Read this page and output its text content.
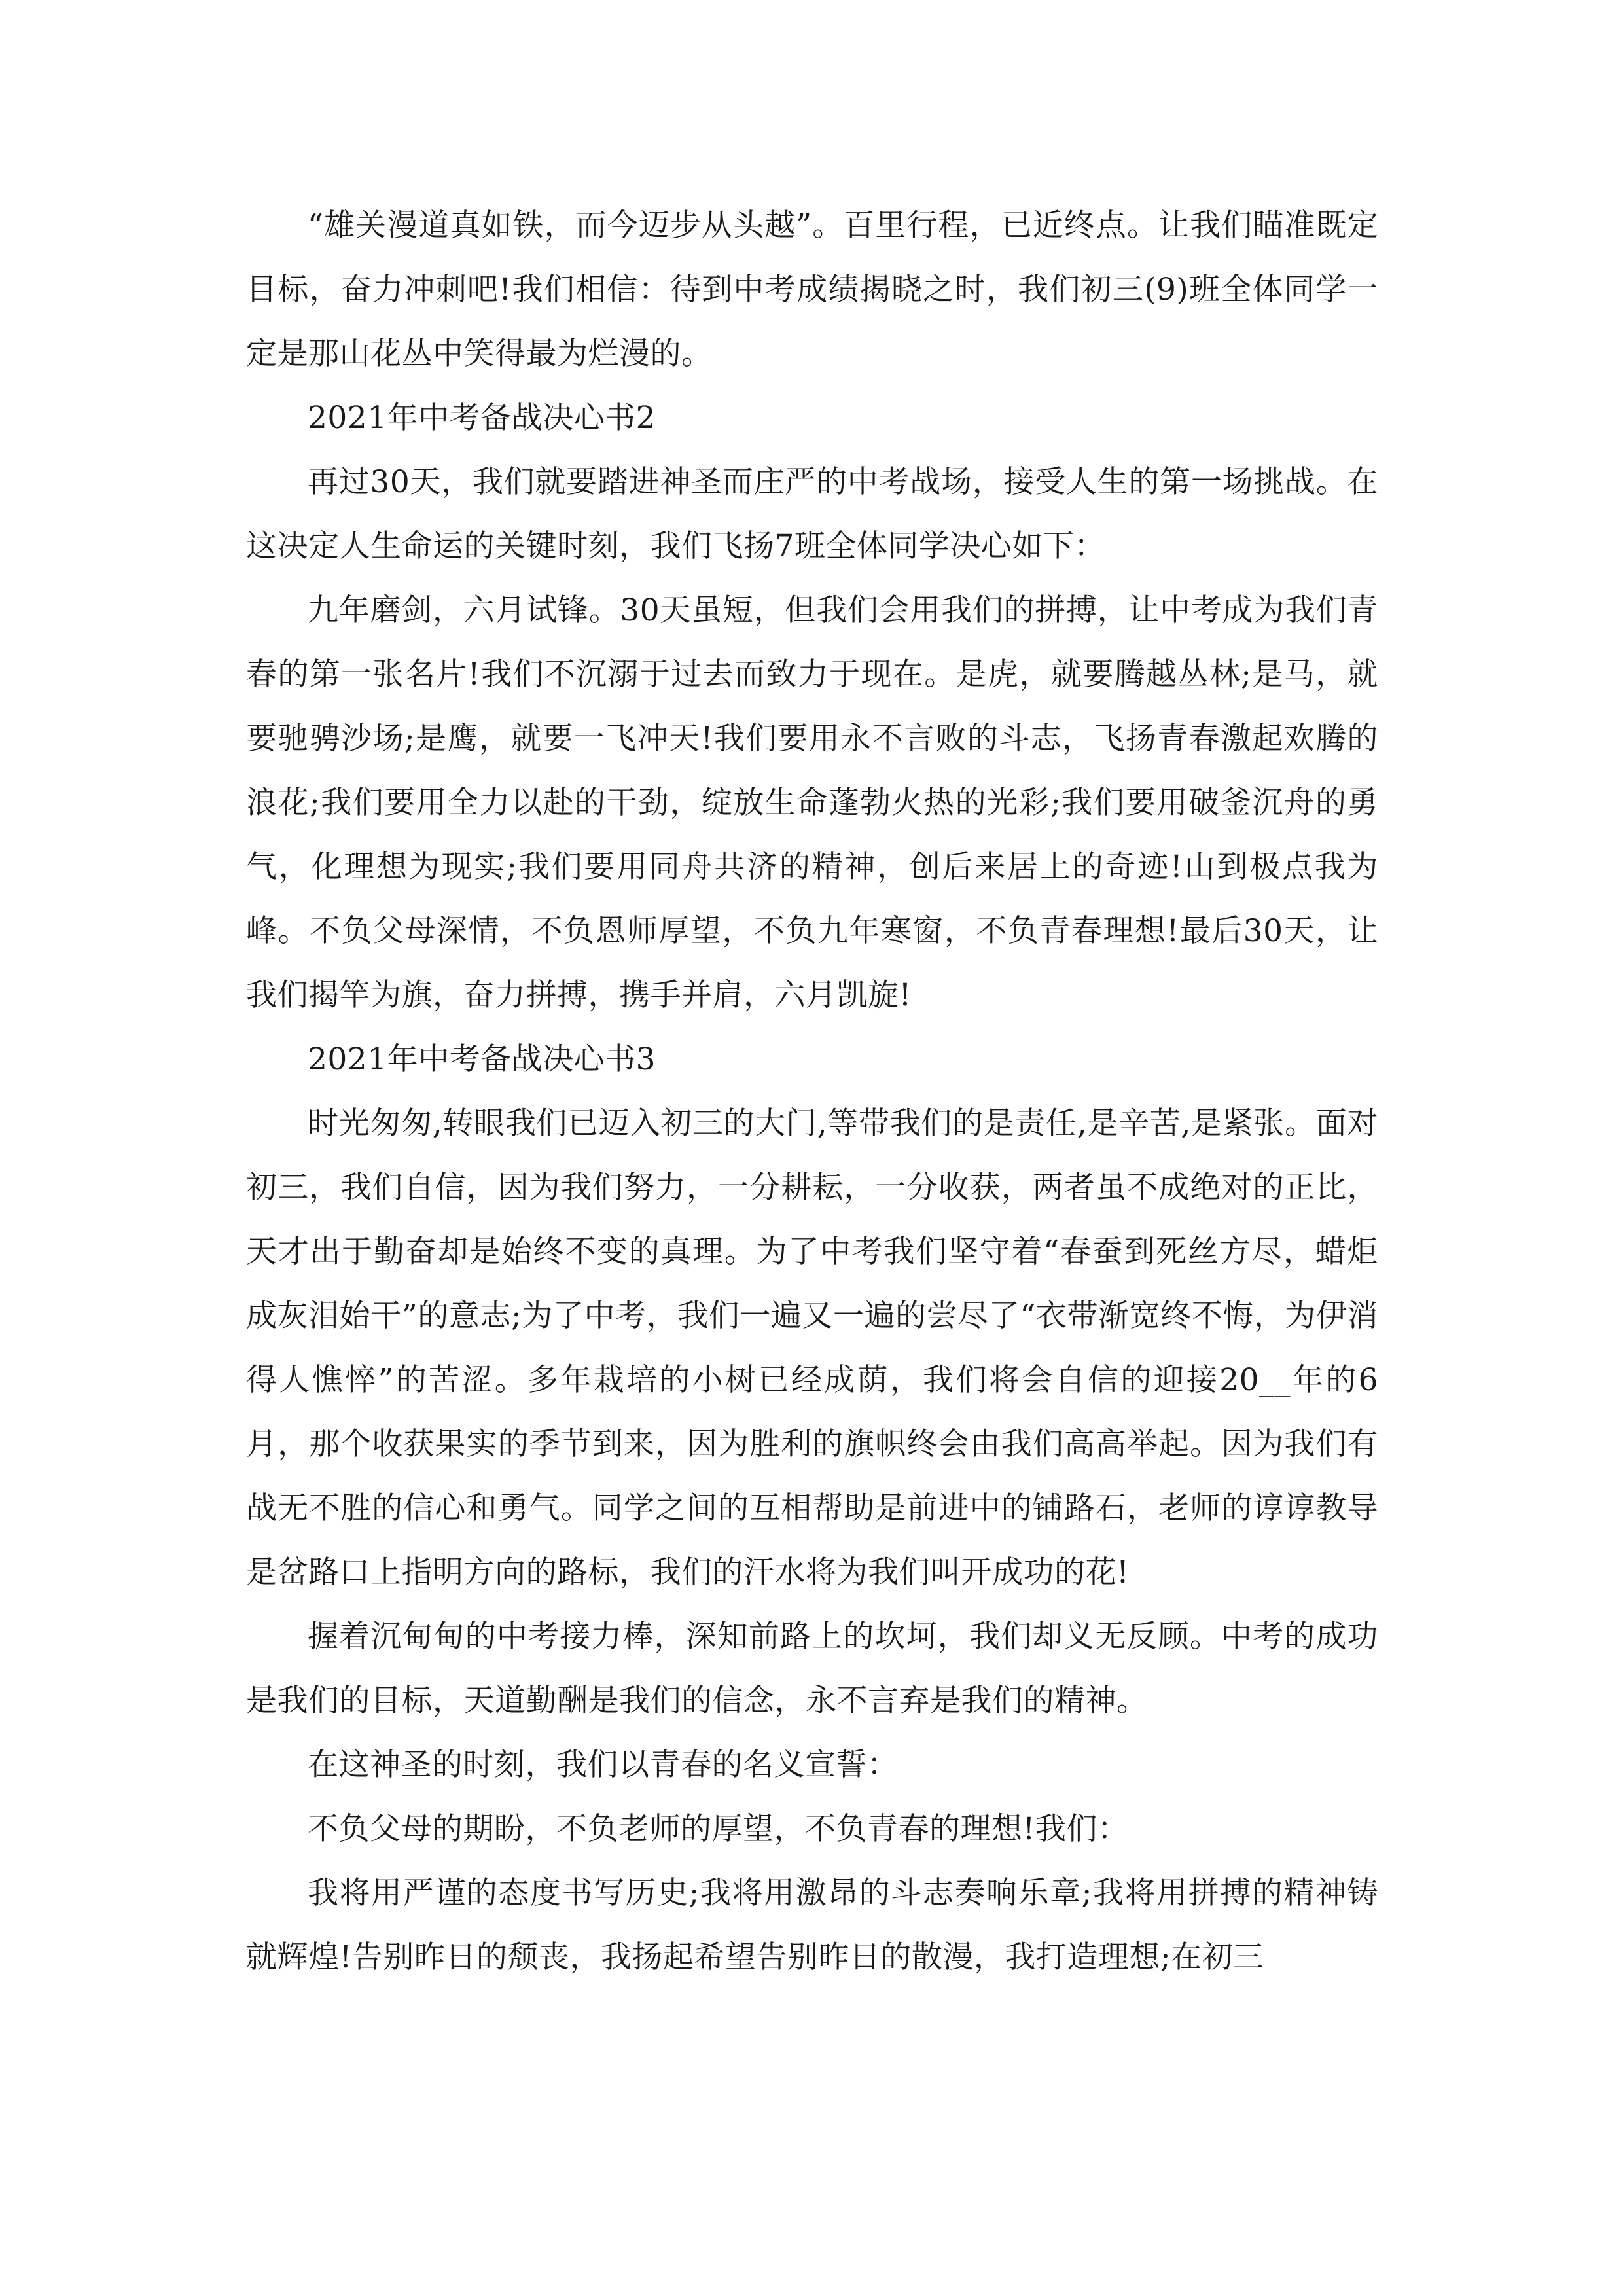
“雄关漫道真如铁，而今迈步从头越”。百里行程，已近终点。让我们瞄准既定目标，奋力冲刺吧!我们相信：待到中考成绩揭晓之时，我们初三(9)班全体同学一定是那山花丛中笑得最为烂漫的。

2021年中考备战决心书2

再过30天，我们就要踏进神圣而庄严的中考战场，接受人生的第一场挑战。在这决定人生命运的关键时刻，我们飞扬7班全体同学决心如下：

九年磨剑，六月试锋。30天虽短，但我们会用我们的拼搏，让中考成为我们青春的第一张名片!我们不沉溺于过去而致力于现在。是虎，就要腾越丛林;是马，就要驰骋沙场;是鹰，就要一飞冲天!我们要用永不言败的斗志，飞扬青春激起欢腾的浪花;我们要用全力以赴的干劲，绽放生命蓬勃火热的光彩;我们要用破釜沉舟的勇气，化理想为现实;我们要用同舟共济的精神，创后来居上的奇迹!山到极点我为峰。不负父母深情，不负恩师厚望，不负九年寒窗，不负青春理想!最后30天，让我们揭竿为旗，奋力拼搏，携手并肩，六月凯旋!

2021年中考备战决心书3

时光匆匆,转眼我们已迈入初三的大门,等带我们的是责任,是辛苦,是紧张。面对初三，我们自信，因为我们努力，一分耕耘，一分收获，两者虽不成绝对的正比，天才出于勤奋却是始终不变的真理。为了中考我们坚守着“春蚕到死丝方尽，蜡炬成灰泪始干”的意志;为了中考，我们一遍又一遍的尝尽了“衣带渐宽终不悔，为伊消得人憔悴”的苦涩。多年栽培的小树已经成荫，我们将会自信的迎接20__年的6月，那个收获果实的季节到来，因为胜利的旗帜终会由我们高高举起。因为我们有战无不胜的信心和勇气。同学之间的互相帮助是前进中的铺路石，老师的谆谆教导是岔路口上指明方向的路标，我们的汗水将为我们叫开成功的花!

握着沉甸甸的中考接力棒，深知前路上的坎坷，我们却义无反顾。中考的成功是我们的目标，天道勤酬是我们的信念，永不言弃是我们的精神。

在这神圣的时刻，我们以青春的名义宣誓：

不负父母的期盼，不负老师的厚望，不负青春的理想!我们：

我将用严谨的态度书写历史;我将用激昂的斗志奏响乐章;我将用拼搏的精神铸就辉煌!告别昨日的颓丧，我扬起希望告别昨日的散漫，我打造理想;在初三
